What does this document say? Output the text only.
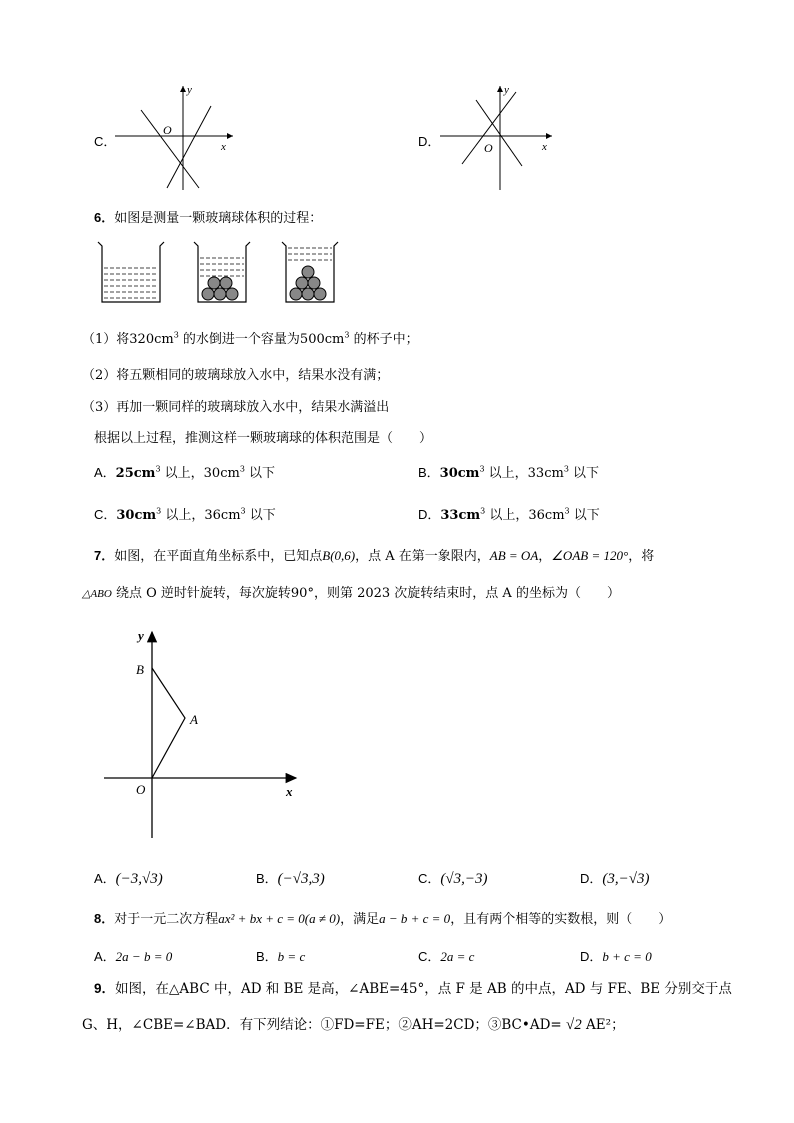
C．
y
x
O
D．
y
x
O
6．如图是测量一颗玻璃球体积的过程：
（1）将$320cm^3$ 的水倒进一个容量为$500cm^3$ 的杯子中；
（2）将五颗相同的玻璃球放入水中，结果水没有满；
（3）再加一颗同样的玻璃球放入水中，结果水满溢出
根据以上过程，推测这样一颗玻璃球的体积范围是（　　）
A．$25cm^3$ 以上，$30cm^3$ 以下	B．$30cm^3$ 以上，$33cm^3$ 以下
C．$30cm^3$ 以上，$36cm^3$ 以下	D．$33cm^3$ 以上，$36cm^3$ 以下
7．如图，在平面直角坐标系中，已知点B(0,6)，点 A 在第一象限内，AB = OA，∠OAB = 120°，将
△ABO 绕点 O 逆时针旋转，每次旋转90°，则第 2023 次旋转结束时，点 A 的坐标为（　　）
y
x
O
B
A
A．(−3,√3)	B．(−√3,3)	C．(√3,−3)	D．(3,−√3)
8．对于一元二次方程ax² + bx + c = 0(a ≠ 0)，满足a − b + c = 0，且有两个相等的实数根，则（　　）
A．2a − b = 0	B．b = c	C．2a = c	D．b + c = 0
9．如图，在△ABC 中，AD 和 BE 是高，∠ABE=45°，点 F 是 AB 的中点，AD 与 FE、BE 分别交于点
G、H，∠CBE=∠BAD．有下列结论：①FD=FE；②AH=2CD；③BC•AD= √2 AE²；
